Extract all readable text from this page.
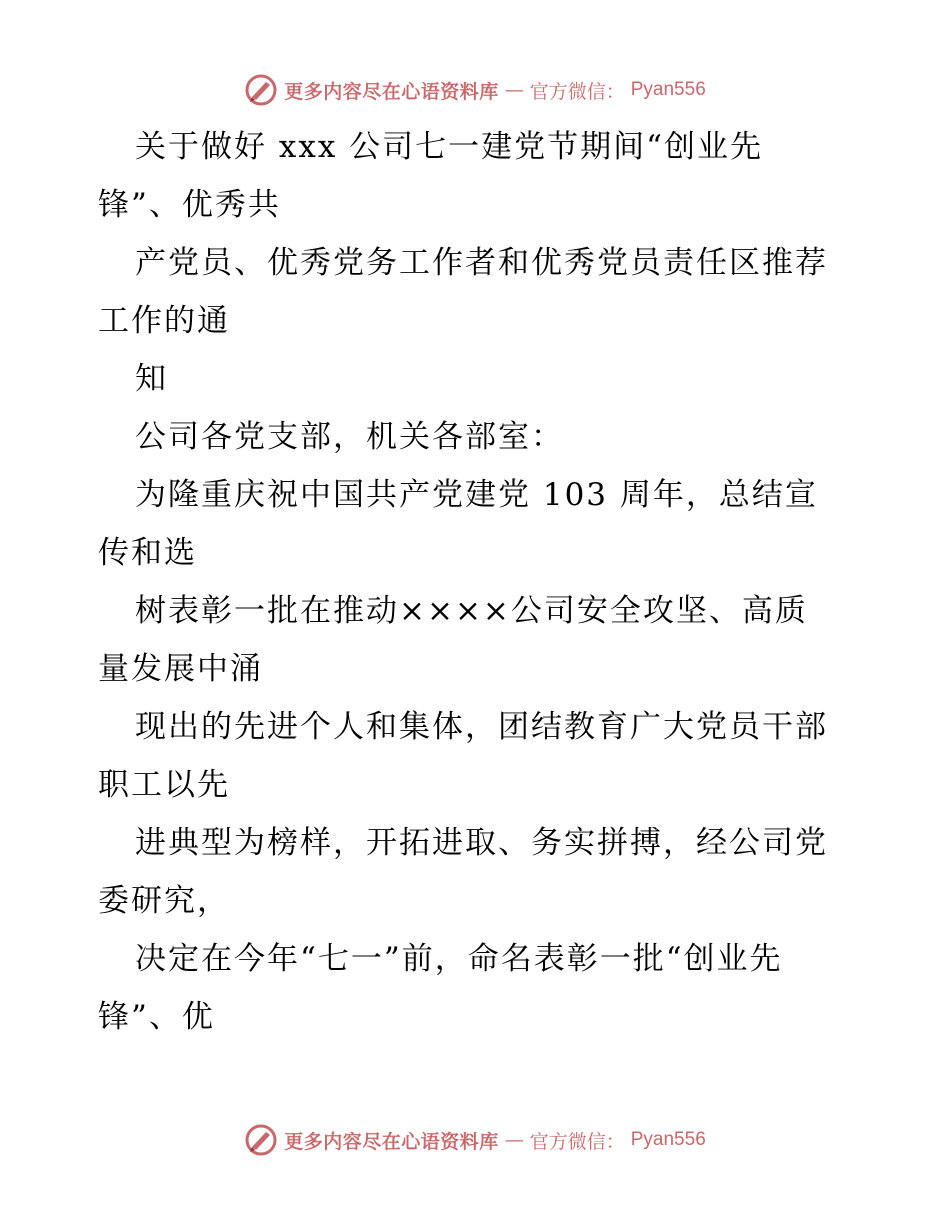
更多内容尽在心语资料库 — 官方微信： Pyan556
关于做好 xxx 公司七一建党节期间“创业先
锋”、优秀共
产党员、优秀党务工作者和优秀党员责任区推荐
工作的通
知
公司各党支部，机关各部室：
为隆重庆祝中国共产党建党 103 周年，总结宣
传和选
树表彰一批在推动××××公司安全攻坚、高质
量发展中涌
现出的先进个人和集体，团结教育广大党员干部
职工以先
进典型为榜样，开拓进取、务实拼搏，经公司党
委研究，
决定在今年“七一”前，命名表彰一批“创业先
锋”、优
更多内容尽在心语资料库 — 官方微信： Pyan556
